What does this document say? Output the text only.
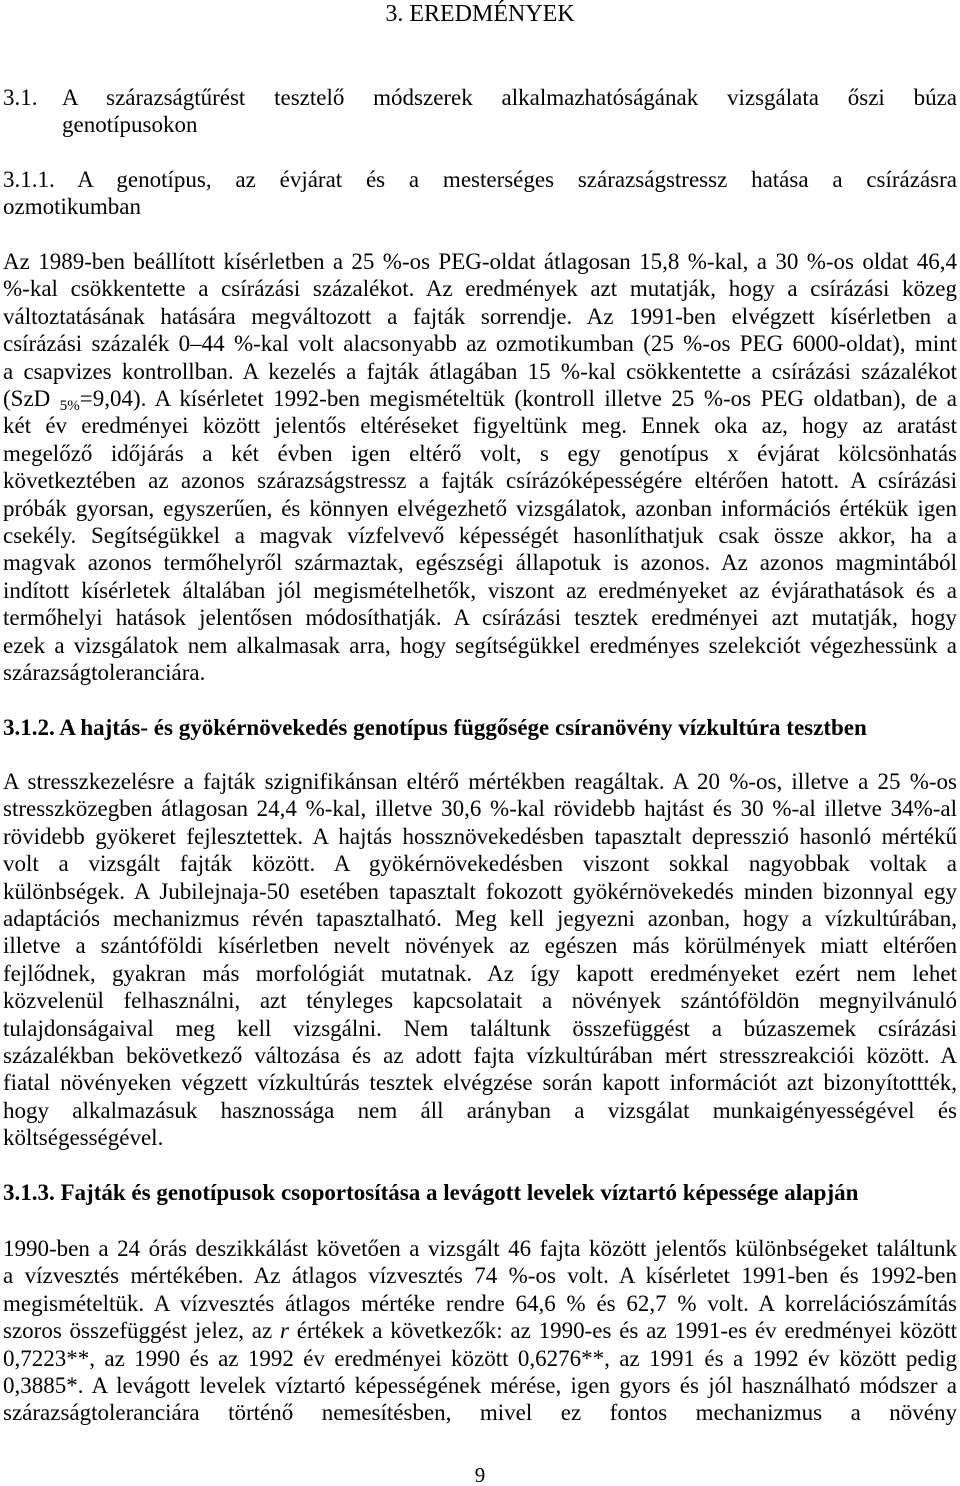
3. EREDMÉNYEK
3.1.	A szárazságtűrést tesztelő módszerek alkalmazhatóságának vizsgálata őszi búza
genotípusokon
3.1.1. A genotípus, az évjárat és a mesterséges szárazságstressz hatása a csírázásra
ozmotikumban
Az 1989-ben beállított kísérletben a 25 %-os PEG-oldat átlagosan 15,8 %-kal, a 30 %-os oldat 46,4
%-kal csökkentette a csírázási százalékot. Az eredmények azt mutatják, hogy a csírázási közeg
változtatásának hatására megváltozott a fajták sorrendje. Az 1991-ben elvégzett kísérletben a
csírázási százalék 0–44 %-kal volt alacsonyabb az ozmotikumban (25 %-os PEG 6000-oldat), mint
a csapvizes kontrollban. A kezelés a fajták átlagában 15 %-kal csökkentette a csírázási százalékot
(SzD $_{5\%}$=9,04). A kísérletet 1992-ben megismételtük (kontroll illetve 25 %-os PEG oldatban), de a
két év eredményei között jelentős eltéréseket figyeltünk meg. Ennek oka az, hogy az aratást
megelőző időjárás a két évben igen eltérő volt, s egy genotípus x évjárat kölcsönhatás
következtében az azonos szárazságstressz a fajták csírázóképességére eltérően hatott. A csírázási
próbák gyorsan, egyszerűen, és könnyen elvégezhető vizsgálatok, azonban információs értékük igen
csekély. Segítségükkel a magvak vízfelvevő képességét hasonlíthatjuk csak össze akkor, ha a
magvak azonos termőhelyről származtak, egészségi állapotuk is azonos. Az azonos magmintából
indított kísérletek általában jól megismételhetők, viszont az eredményeket az évjárathatások és a
termőhelyi hatások jelentősen módosíthatják. A csírázási tesztek eredményei azt mutatják, hogy
ezek a vizsgálatok nem alkalmasak arra, hogy segítségükkel eredményes szelekciót végezhessünk a
szárazságtoleranciára.
3.1.2. A hajtás- és gyökérnövekedés genotípus függősége csíranövény vízkultúra tesztben
A stresszkezelésre a fajták szignifikánsan eltérő mértékben reagáltak. A 20 %-os, illetve a 25 %-os
stresszközegben átlagosan 24,4 %-kal, illetve 30,6 %-kal rövidebb hajtást és 30 %-al illetve 34%-al
rövidebb gyökeret fejlesztettek. A hajtás hossznövekedésben tapasztalt depresszió hasonló mértékű
volt a vizsgált fajták között. A gyökérnövekedésben viszont sokkal nagyobbak voltak a
különbségek. A Jubilejnaja-50 esetében tapasztalt fokozott gyökérnövekedés minden bizonnyal egy
adaptációs mechanizmus révén tapasztalható. Meg kell jegyezni azonban, hogy a vízkultúrában,
illetve a szántóföldi kísérletben nevelt növények az egészen más körülmények miatt eltérően
fejlődnek, gyakran más morfológiát mutatnak. Az így kapott eredményeket ezért nem lehet
közvelenül felhasználni, azt tényleges kapcsolatait a növények szántóföldön megnyilvánuló
tulajdonságaival meg kell vizsgálni. Nem találtunk összefüggést a búzaszemek csírázási
százalékban bekövetkező változása és az adott fajta vízkultúrában mért stresszreakciói között. A
fiatal növényeken végzett vízkultúrás tesztek elvégzése során kapott információt azt bizonyítottték,
hogy alkalmazásuk hasznossága nem áll arányban a vizsgálat munkaigényességével és
költségességével.
3.1.3. Fajták és genotípusok csoportosítása a levágott levelek víztartó képessége alapján
1990-ben a 24 órás deszikkálást követően a vizsgált 46 fajta között jelentős különbségeket találtunk
a vízvesztés mértékében. Az átlagos vízvesztés 74 %-os volt. A kísérletet 1991-ben és 1992-ben
megismételtük. A vízvesztés átlagos mértéke rendre 64,6 % és 62,7 % volt. A korrelációszámítás
szoros összefüggést jelez, az r értékek a következők: az 1990-es és az 1991-es év eredményei között
0,7223**, az 1990 és az 1992 év eredményei között 0,6276**, az 1991 és a 1992 év között pedig
0,3885*. A levágott levelek víztartó képességének mérése, igen gyors és jól használható módszer a
szárazságtoleranciára történő nemesítésben, mivel ez fontos mechanizmus a növény
9
